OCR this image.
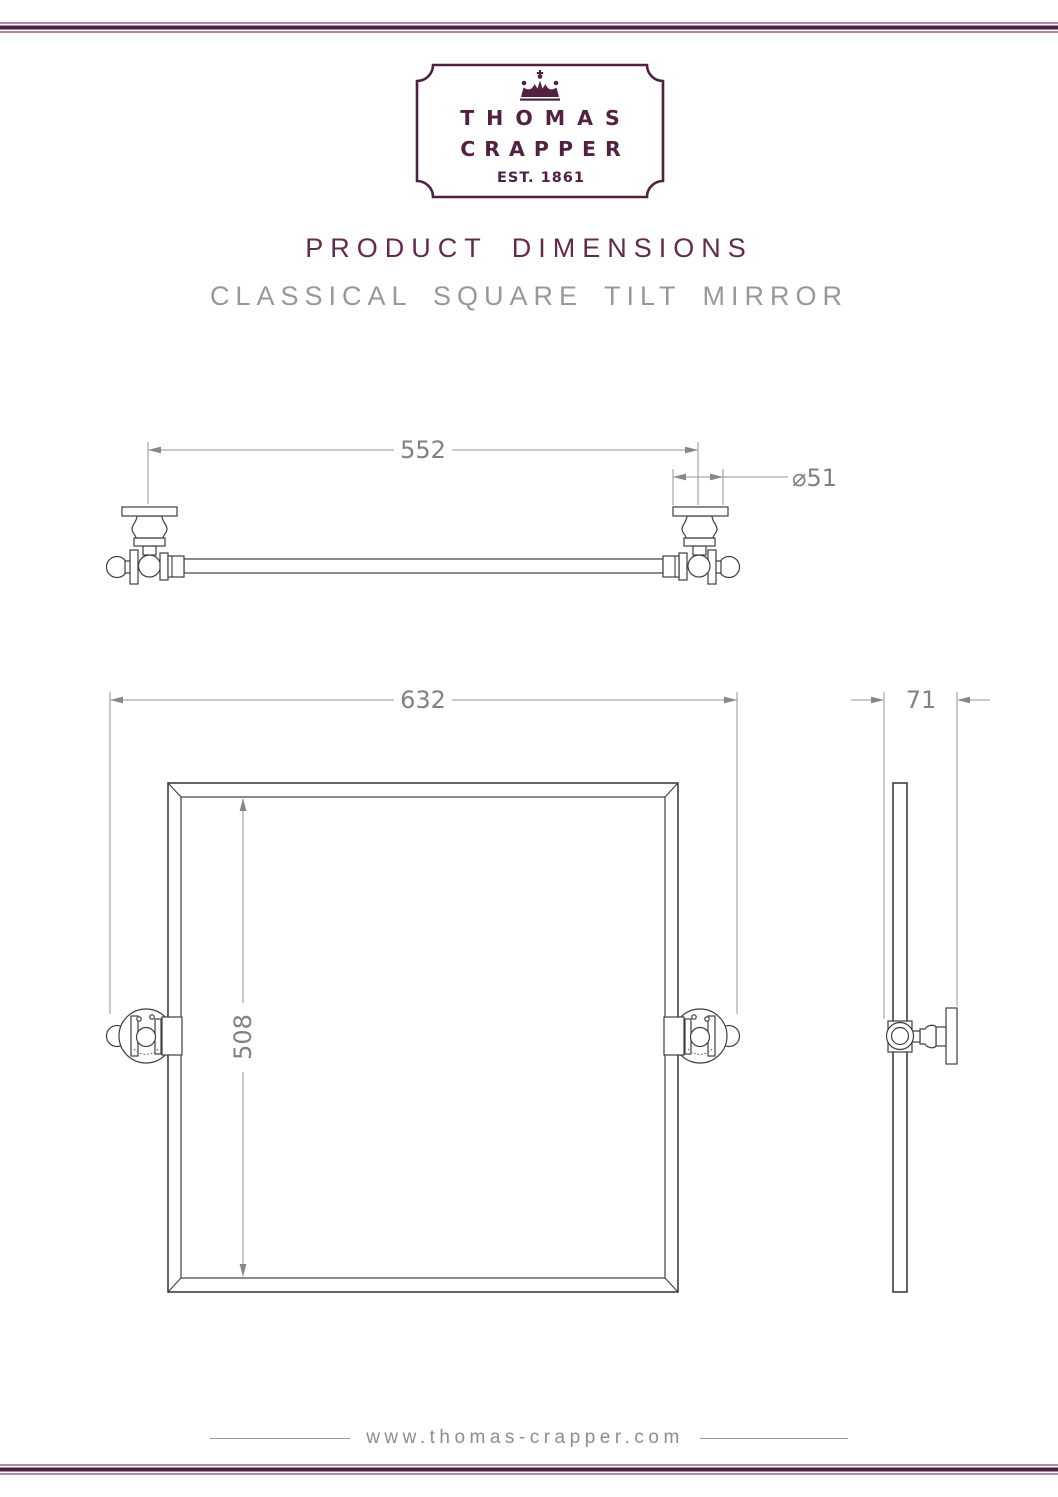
THOMAS
CRAPPER
EST. 1861
PRODUCT DIMENSIONS
CLASSICAL SQUARE TILT MIRROR
552
⌀51
632
508
71
www.thomas-crapper.com
